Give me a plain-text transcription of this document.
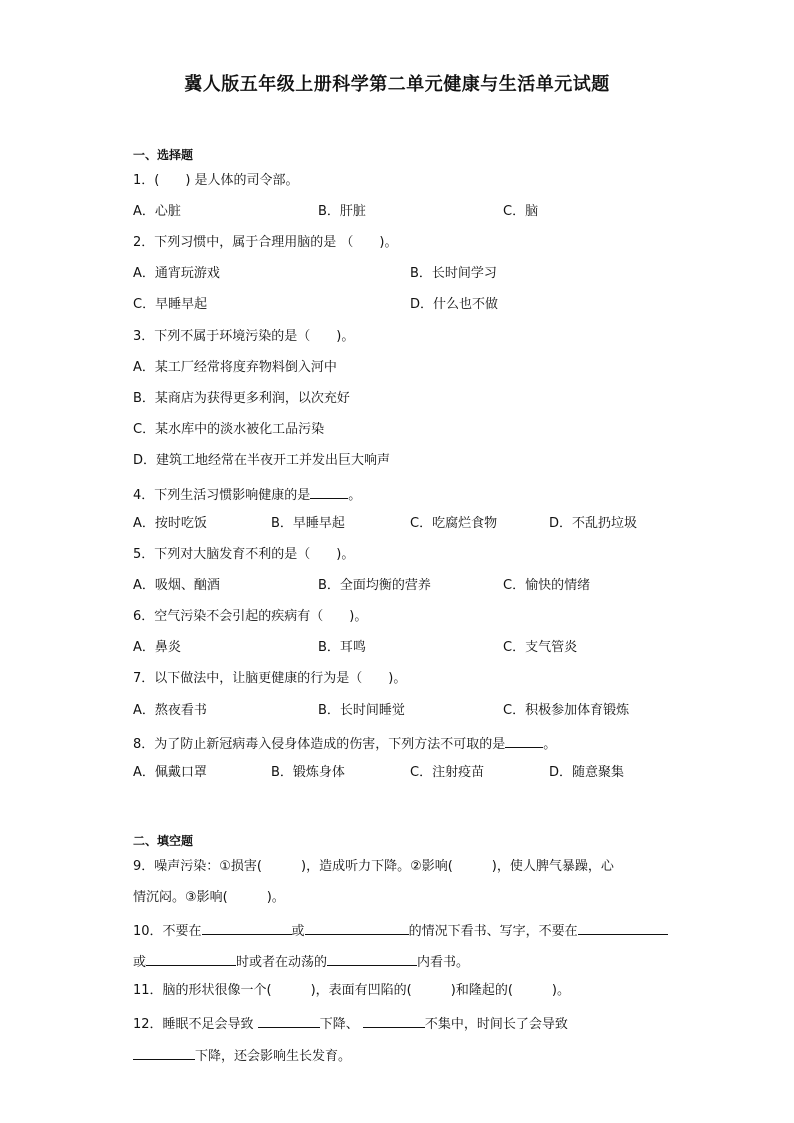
冀人版五年级上册科学第二单元健康与生活单元试题
一、选择题
1．(　　) 是人体的司令部。
A．心脏	B．肝脏	C．脑
2．下列习惯中，属于合理用脑的是 （　　)。
A．通宵玩游戏	B．长时间学习
C．早睡早起	D．什么也不做
3．下列不属于环境污染的是（　　)。
A．某工厂经常将度弃物料倒入河中
B．某商店为获得更多利润，以次充好
C．某水库中的淡水被化工品污染
D．建筑工地经常在半夜开工并发出巨大响声
4．下列生活习惯影响健康的是	。
A．按时吃饭	B．早睡早起	C．吃腐烂食物	D．不乱扔垃圾
5．下列对大脑发育不利的是（　　)。
A．吸烟、酗酒	B．全面均衡的营养	C．愉快的情绪
6．空气污染不会引起的疾病有（　　)。
A．鼻炎	B．耳鸣	C．支气管炎
7．以下做法中，让脑更健康的行为是（　　)。
A．熬夜看书	B．长时间睡觉	C．积极参加体育锻炼
8．为了防止新冠病毒入侵身体造成的伤害，下列方法不可取的是	。
A．佩戴口罩	B．锻炼身体	C．注射疫苗	D．随意聚集
二、填空题
9．噪声污染：①损害(　　　)，造成听力下降。②影响(　　　)，使人脾气暴躁，心
情沉闷。③影响(　　　)。
10．不要在	或	的情况下看书、写字，不要在
或	时或者在动荡的	内看书。
11．脑的形状很像一个(　　　)，表面有凹陷的(　　　)和隆起的(　　　)。
12．睡眠不足会导致	下降、	不集中，时间长了会导致
下降，还会影响生长发育。
